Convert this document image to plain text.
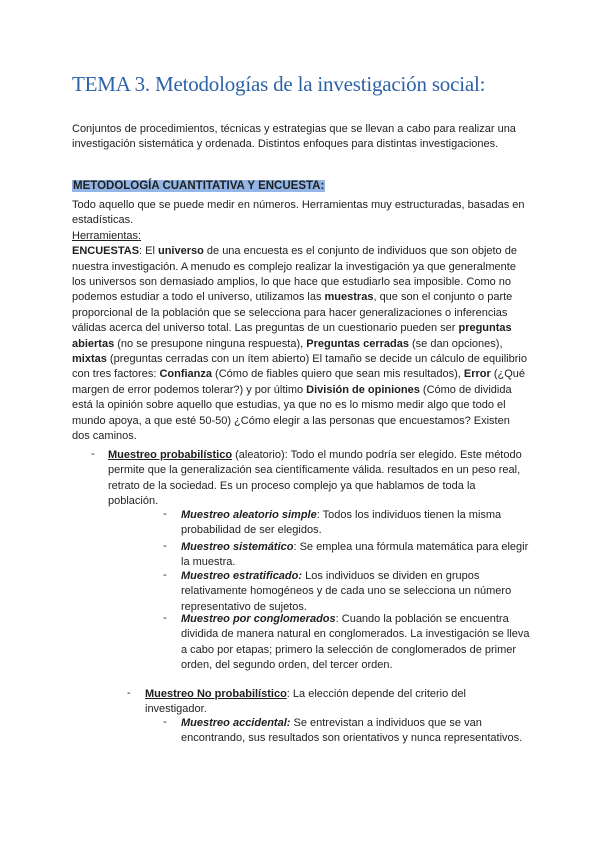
TEMA 3. Metodologías de la investigación social:
Conjuntos de procedimientos, técnicas y estrategias que se llevan a cabo para realizar una investigación sistemática y ordenada. Distintos enfoques para distintas investigaciones.
METODOLOGÍA CUANTITATIVA Y ENCUESTA:
Todo aquello que se puede medir en números. Herramientas muy estructuradas, basadas en estadísticas.
Herramientas:
ENCUESTAS: El universo de una encuesta es el conjunto de individuos que son objeto de nuestra investigación. A menudo es complejo realizar la investigación ya que generalmente los universos son demasiado amplios, lo que hace que estudiarlo sea imposible. Como no podemos estudiar a todo el universo, utilizamos las muestras, que son el conjunto o parte proporcional de la población que se selecciona para hacer generalizaciones o inferencias válidas acerca del universo total. Las preguntas de un cuestionario pueden ser preguntas abiertas (no se presupone ninguna respuesta), Preguntas cerradas (se dan opciones), mixtas (preguntas cerradas con un ítem abierto) El tamaño se decide un cálculo de equilibrio con tres factores: Confianza (Cómo de fiables quiero que sean mis resultados), Error (¿Qué margen de error podemos tolerar?) y por último División de opiniones (Cómo de dividida está la opinión sobre aquello que estudias, ya que no es lo mismo medir algo que todo el mundo apoya, a que esté 50-50) ¿Cómo elegir a las personas que encuestamos? Existen dos caminos.
- Muestreo probabilístico (aleatorio): Todo el mundo podría ser elegido. Este método permite que la generalización sea científicamente válida. resultados en un peso real, retrato de la sociedad. Es un proceso complejo ya que hablamos de toda la población.
- Muestreo aleatorio simple: Todos los individuos tienen la misma probabilidad de ser elegidos.
- Muestreo sistemático: Se emplea una fórmula matemática para elegir la muestra.
- Muestreo estratificado: Los individuos se dividen en grupos relativamente homogéneos y de cada uno se selecciona un número representativo de sujetos.
- Muestreo por conglomerados: Cuando la población se encuentra dividida de manera natural en conglomerados. La investigación se lleva a cabo por etapas; primero la selección de conglomerados de primer orden, del segundo orden, del tercer orden.
- Muestreo No probabilístico: La elección depende del criterio del investigador.
- Muestreo accidental: Se entrevistan a individuos que se van encontrando, sus resultados son orientativos y nunca representativos.
